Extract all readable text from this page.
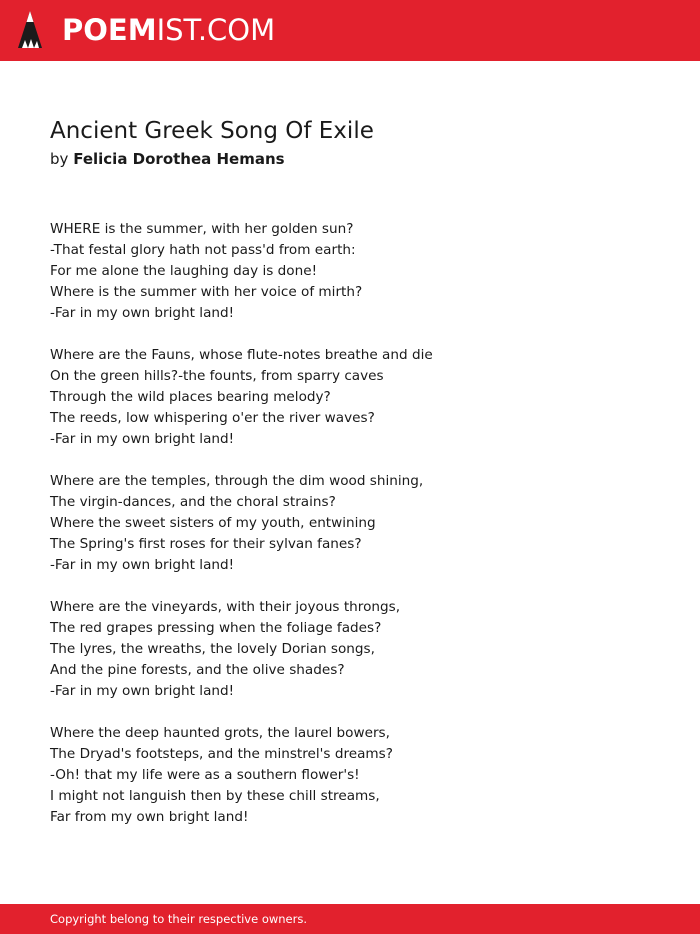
POEMIST.COM
Ancient Greek Song Of Exile
by Felicia Dorothea Hemans
WHERE is the summer, with her golden sun?
-That festal glory hath not pass'd from earth:
For me alone the laughing day is done!
Where is the summer with her voice of mirth?
-Far in my own bright land!
Where are the Fauns, whose flute-notes breathe and die
On the green hills?-the founts, from sparry caves
Through the wild places bearing melody?
The reeds, low whispering o'er the river waves?
-Far in my own bright land!
Where are the temples, through the dim wood shining,
The virgin-dances, and the choral strains?
Where the sweet sisters of my youth, entwining
The Spring's first roses for their sylvan fanes?
-Far in my own bright land!
Where are the vineyards, with their joyous throngs,
The red grapes pressing when the foliage fades?
The lyres, the wreaths, the lovely Dorian songs,
And the pine forests, and the olive shades?
-Far in my own bright land!
Where the deep haunted grots, the laurel bowers,
The Dryad's footsteps, and the minstrel's dreams?
-Oh! that my life were as a southern flower's!
I might not languish then by these chill streams,
Far from my own bright land!
Copyright belong to their respective owners.
